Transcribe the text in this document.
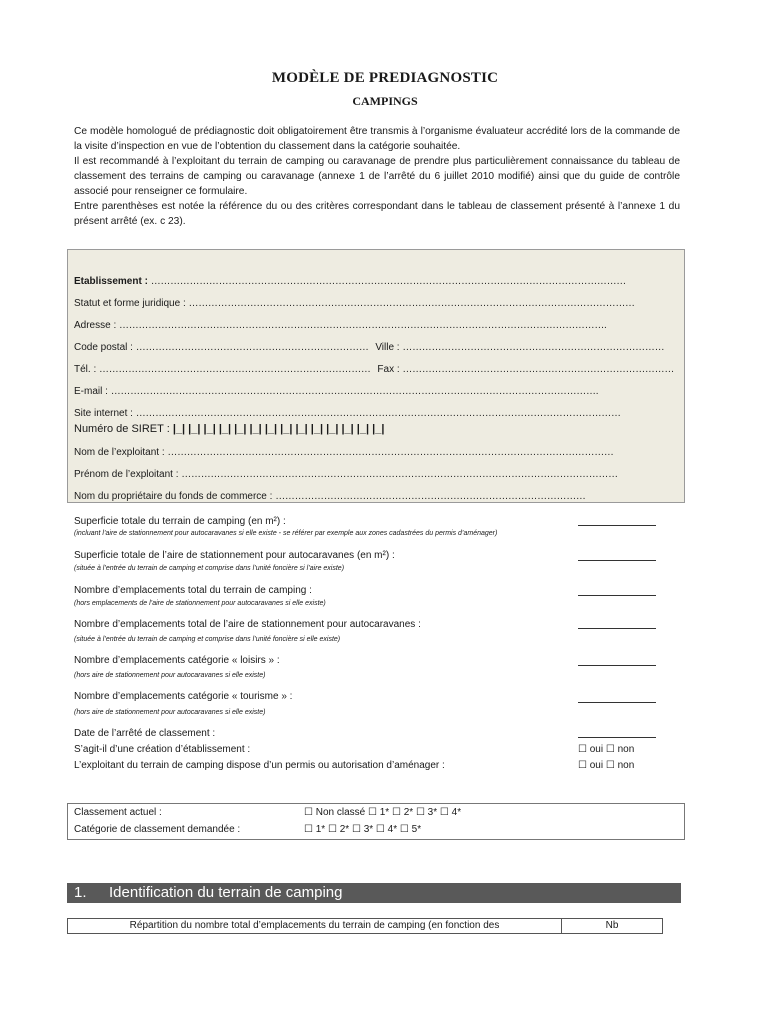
MODÈLE DE PREDIAGNOSTIC
CAMPINGS

Ce modèle homologué de prédiagnostic doit obligatoirement être transmis à l’organisme évaluateur accrédité lors de la commande de la visite d’inspection en vue de l’obtention du classement dans la catégorie souhaitée.

Il est recommandé à l’exploitant du terrain de camping ou caravanage de prendre plus particulièrement connaissance du tableau de classement des terrains de camping ou caravanage (annexe 1 de l’arrêté du 6 juillet 2010 modifié) ainsi que du guide de contrôle associé pour renseigner ce formulaire.

Entre parenthèses est notée la référence du ou des critères correspondant dans le tableau de classement présenté à l’annexe 1 du présent arrêté (ex. c 23).

Etablissement : …………………………………………………………………………………………………………………………………
Statut et forme juridique : …………………………………………………………………………………………………………………………
Adresse : …………………………………………………………………………………………………………………………………….
Code postal : ……………………………………………………………… Ville : ………………………………………………………………………
Tél. : ………………………………………………………………………… Fax : …………………………………………………………………………
E-mail : …………………………………………………………………………………………………………………………………….
Site internet : ……………………………………………………………………………………………………………………………………
Numéro de SIRET : |_| |_| |_| |_| |_| |_| |_| |_| |_| |_| |_| |_| |_| |_|
Nom de l’exploitant : …………………………………………………………………………………………………………………………
Prénom de l’exploitant : ………………………………………………………………………………………………………………………
Nom du propriétaire du fonds de commerce : ……………………………………………………………………………………
Superficie totale du terrain de camping (en m²) :
(incluant l’aire de stationnement pour autocaravanes si elle existe - se référer par exemple aux zones cadastrées du permis d’aménager)
Superficie totale de l’aire de stationnement pour autocaravanes (en m²) :
(située à l’entrée du terrain de camping et comprise dans l’unité foncière si l’aire existe)
Nombre d’emplacements total du terrain de camping :
(hors emplacements de l’aire de stationnement pour autocaravanes si elle existe)
Nombre d’emplacements total de l’aire de stationnement pour autocaravanes :
(située à l’entrée du terrain de camping et comprise dans l’unité foncière si elle existe)
Nombre d’emplacements catégorie « loisirs » :
(hors aire de stationnement pour autocaravanes si elle existe)
Nombre d’emplacements catégorie « tourisme » :
(hors aire de stationnement pour autocaravanes si elle existe)
Date de l’arrêté de classement :
S’agit-il d’une création d’établissement :	☐ oui ☐ non
L’exploitant du terrain de camping dispose d’un permis ou autorisation d’aménager :	☐ oui ☐ non
Classement actuel :	☐ Non classé ☐ 1* ☐ 2* ☐ 3* ☐ 4*
Catégorie de classement demandée :	☐ 1* ☐ 2* ☐ 3* ☐ 4* ☐ 5*
1. Identification du terrain de camping
Répartition du nombre total d’emplacements du terrain de camping (en fonction des	Nb
